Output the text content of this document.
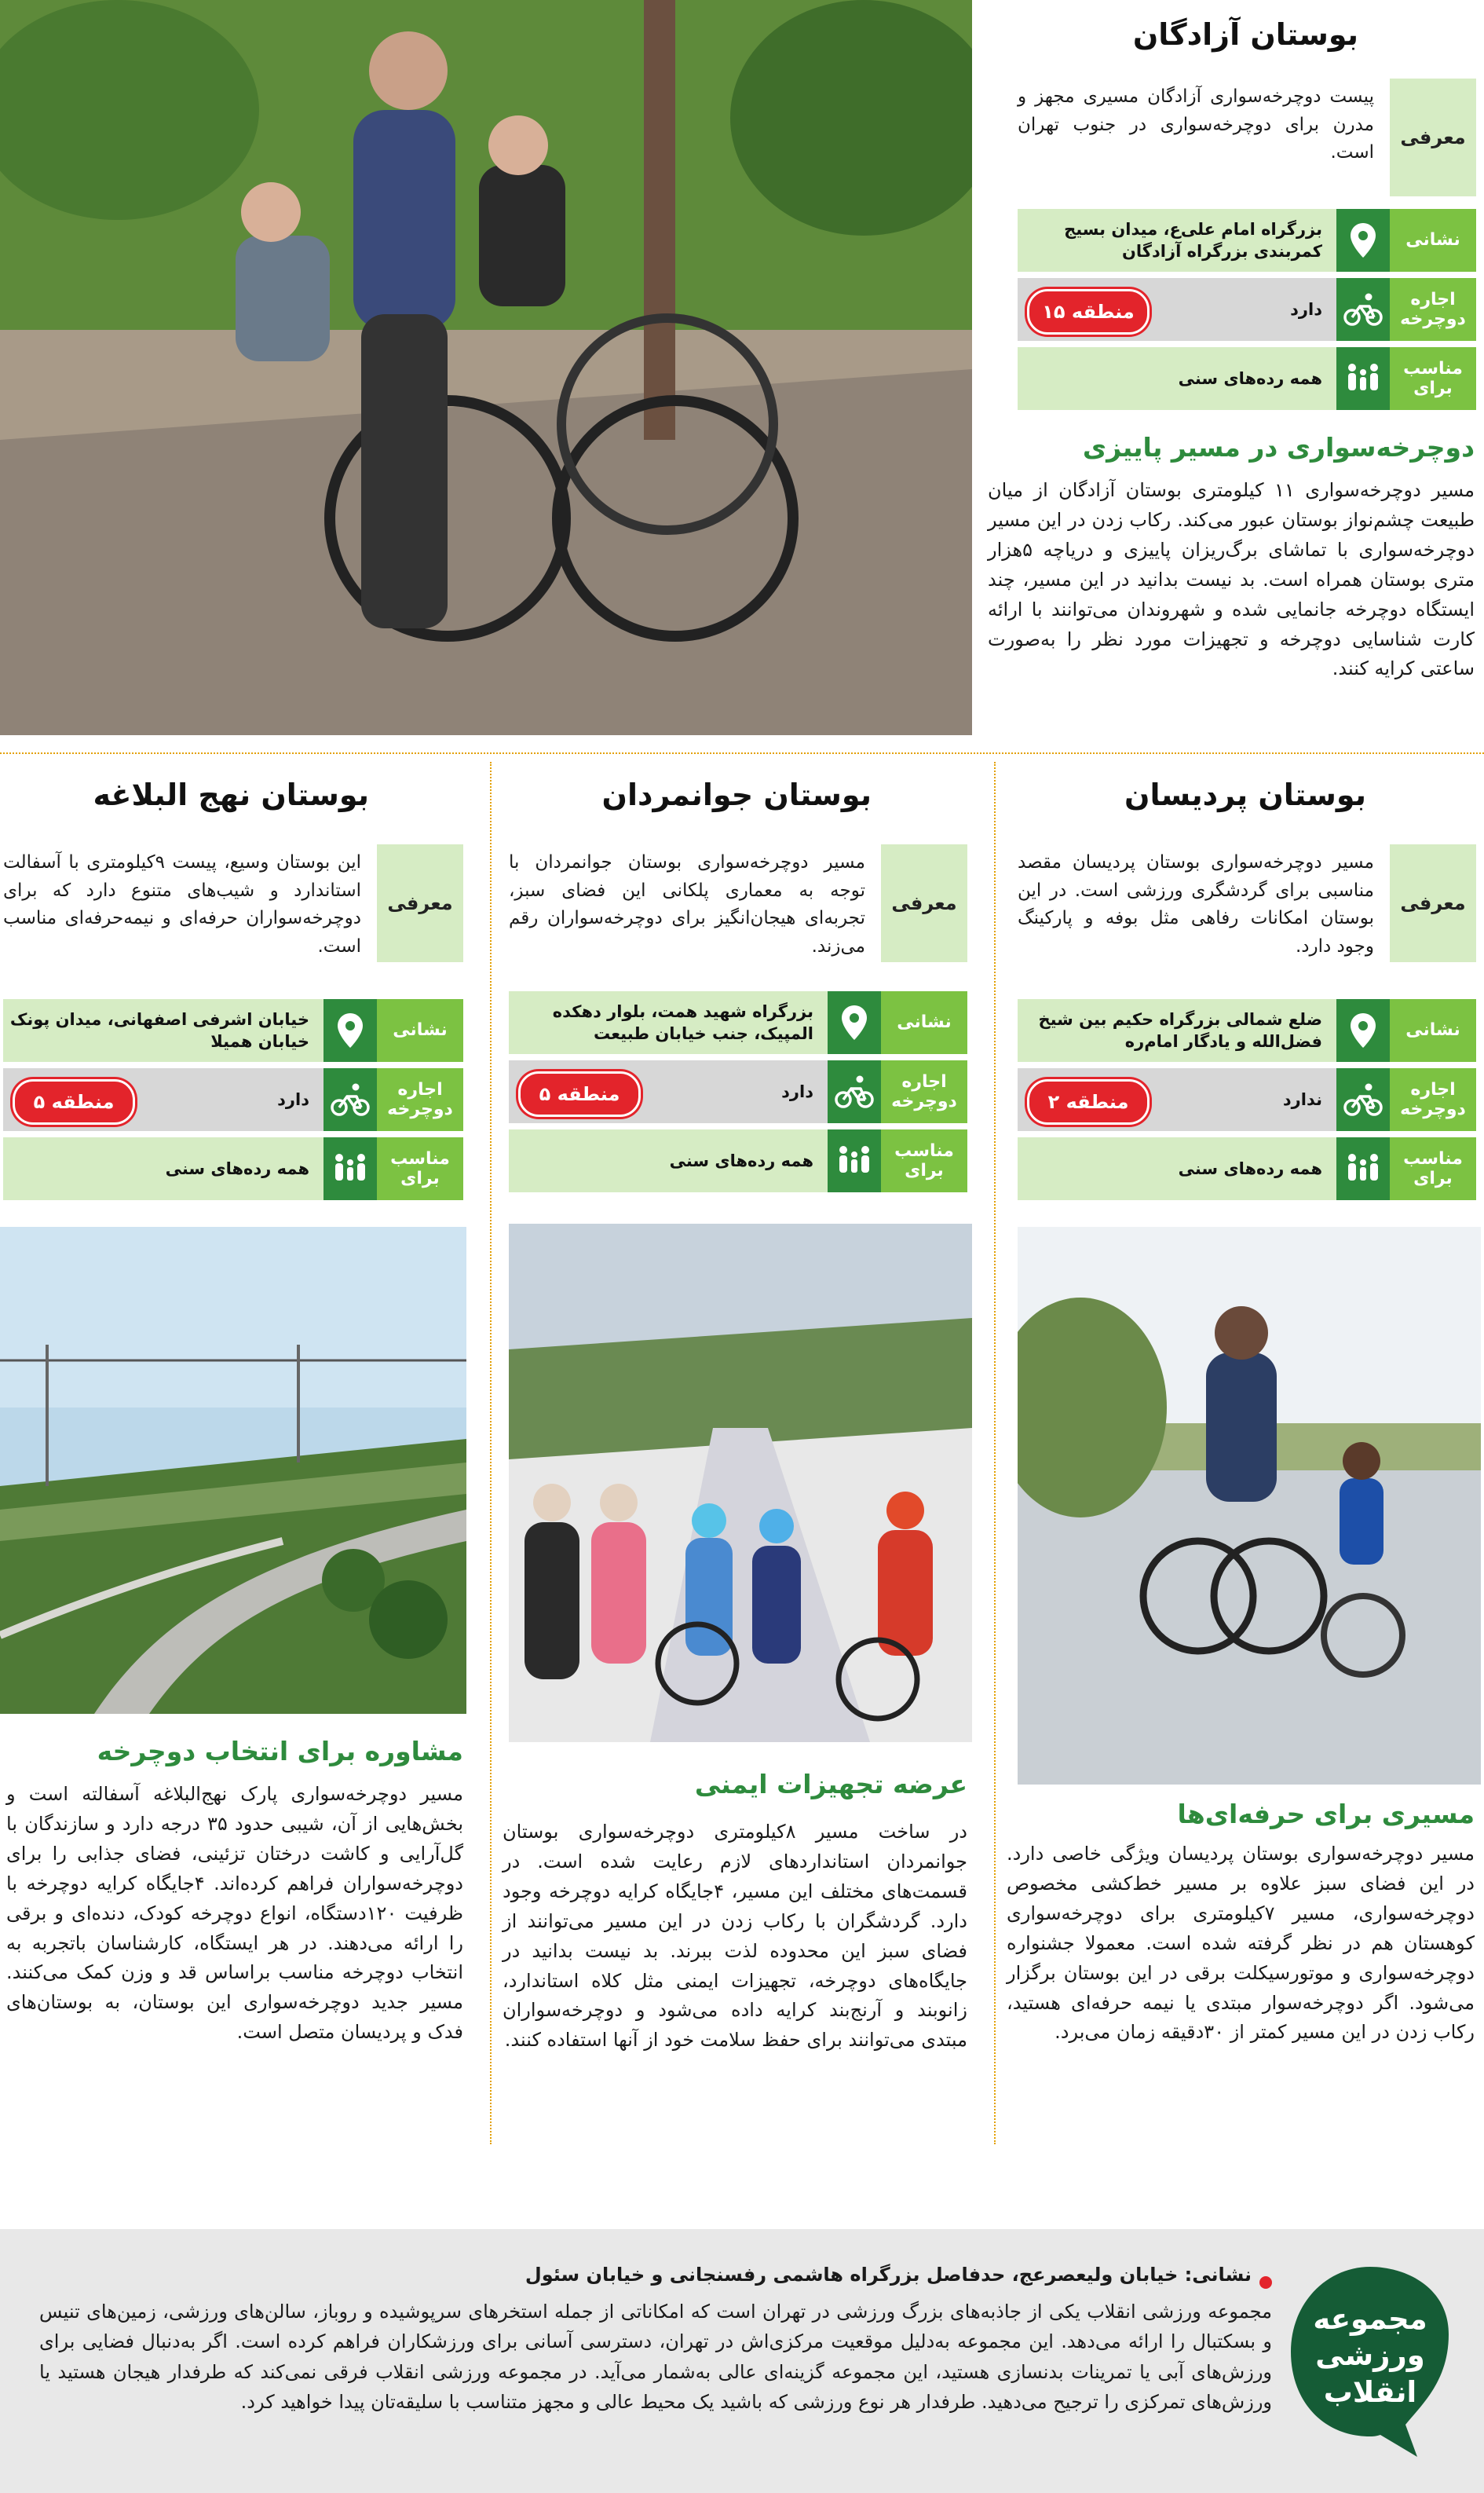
بوستان آزادگان
معرفی
پیست دوچرخه‌سواری آزادگان مسیری مجهز و مدرن برای دوچرخه‌سواری در جنوب تهران است.
نشانی
بزرگراه امام علی‌ع، میدان بسیج کمربندی بزرگراه آزادگان
اجاره دوچرخه
دارد
منطقه ۱۵
مناسب برای
همه رده‌های سنی
دوچرخه‌سواری در مسیر پاییزی
مسیر دوچرخه‌سواری ۱۱ کیلومتری بوستان آزادگان از میان طبیعت چشم‌نواز بوستان عبور می‌کند. رکاب زدن در این مسیر دوچرخه‌سواری با تماشای برگ‌ریزان پاییزی و دریاچه ۵هزار متری بوستان همراه است. بد نیست بدانید در این مسیر، چند ایستگاه دوچرخه جانمایی شده و شهروندان می‌توانند با ارائه کارت شناسایی دوچرخه و تجهیزات مورد نظر را به‌صورت ساعتی کرایه کنند.
بوستان پردیسان
معرفی
مسیر دوچرخه‌سواری بوستان پردیسان مقصد مناسبی برای گردشگری ورزشی است. در این بوستان امکانات رفاهی مثل بوفه و پارکینگ وجود دارد.
نشانی
ضلع شمالی بزرگراه حکیم بین شیخ فضل‌الله و یادگار امام‌ره
اجاره دوچرخه
ندارد
منطقه ۲
مناسب برای
همه رده‌های سنی
مسیری برای حرفه‌ای‌ها
مسیر دوچرخه‌سواری بوستان پردیسان ویژگی خاصی دارد. در این فضای سبز علاوه بر مسیر خط‌کشی مخصوص دوچرخه‌سواری، مسیر ۷کیلومتری برای دوچرخه‌سواری کوهستان هم در نظر گرفته شده است. معمولا جشنواره دوچرخه‌سواری و موتورسیکلت برقی در این بوستان برگزار می‌شود. اگر دوچرخه‌سوار مبتدی یا نیمه حرفه‌ای هستید، رکاب زدن در این مسیر کمتر از ۳۰دقیقه زمان می‌برد.
بوستان جوانمردان
معرفی
مسیر دوچرخه‌سواری بوستان جوانمردان با توجه به معماری پلکانی این فضای سبز، تجربه‌ای هیجان‌انگیز برای دوچرخه‌سواران رقم می‌زند.
نشانی
بزرگراه شهید همت، بلوار دهکده المپیک، جنب خیابان طبیعت
اجاره دوچرخه
دارد
منطقه ۵
مناسب برای
همه رده‌های سنی
عرضه تجهیزات ایمنی
در ساخت مسیر ۸کیلومتری دوچرخه‌سواری بوستان جوانمردان استانداردهای لازم رعایت شده است. در قسمت‌های مختلف این مسیر، ۴جایگاه کرایه دوچرخه وجود دارد. گردشگران با رکاب زدن در این مسیر می‌توانند از فضای سبز این محدوده لذت ببرند. بد نیست بدانید در جایگاه‌های دوچرخه، تجهیزات ایمنی مثل کلاه استاندارد، زانوبند و آرنج‌بند کرایه داده می‌شود و دوچرخه‌سواران مبتدی می‌توانند برای حفظ سلامت خود از آنها استفاده کنند.
بوستان نهج البلاغه
معرفی
این بوستان وسیع، پیست ۹کیلومتری با آسفالت استاندارد و شیب‌های متنوع دارد که برای دوچرخه‌سواران حرفه‌ای و نیمه‌حرفه‌ای مناسب است.
نشانی
خیابان اشرفی اصفهانی، میدان پونک خیابان همیلا
اجاره دوچرخه
دارد
منطقه ۵
مناسب برای
همه رده‌های سنی
مشاوره برای انتخاب دوچرخه
مسیر دوچرخه‌سواری پارک نهج‌البلاغه آسفالته است و بخش‌هایی از آن، شیبی حدود ۳۵ درجه دارد و سازندگان با گل‌آرایی و کاشت درختان تزئینی، فضای جذابی را برای دوچرخه‌سواران فراهم کرده‌اند. ۴جایگاه کرایه دوچرخه با ظرفیت ۱۲۰دستگاه، انواع دوچرخه کودک، دنده‌ای و برقی را ارائه می‌دهند. در هر ایستگاه، کارشناسان باتجربه به انتخاب دوچرخه مناسب براساس قد و وزن کمک می‌کنند. مسیر جدید دوچرخه‌سواری این بوستان، به بوستان‌های فدک و پردیسان متصل است.
مجموعه
ورزشی
انقلاب
نشانی: خیابان ولیعصر‌عج، حدفاصل بزرگراه هاشمی رفسنجانی و خیابان سئول
مجموعه ورزشی انقلاب یکی از جاذبه‌های بزرگ ورزشی در تهران است که امکاناتی از جمله استخرهای سرپوشیده و روباز، سالن‌های ورزشی، زمین‌های تنیس و بسکتبال را ارائه می‌دهد. این مجموعه به‌دلیل موقعیت مرکزی‌اش در تهران، دسترسی آسانی برای ورزشکاران فراهم کرده است. اگر به‌دنبال فضایی برای ورزش‌های آبی یا تمرینات بدنسازی هستید، این مجموعه گزینه‌ای عالی به‌شمار می‌آید. در مجموعه ورزشی انقلاب فرقی نمی‌کند که طرفدار هیجان هستید یا ورزش‌های تمرکزی را ترجیح می‌دهید. طرفدار هر نوع ورزشی که باشید یک محیط عالی و مجهز متناسب با سلیقه‌تان پیدا خواهید کرد.
